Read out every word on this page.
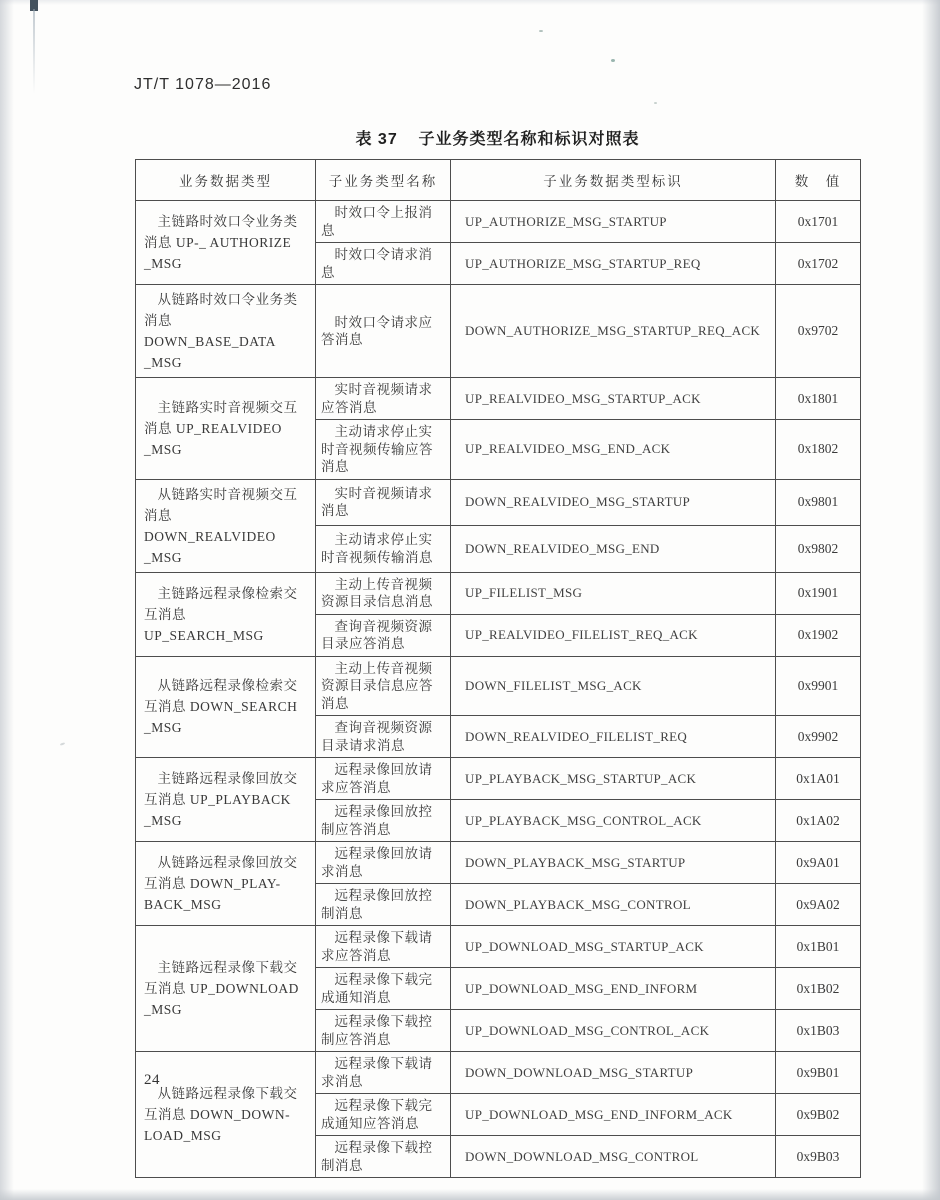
JT/T 1078—2016
表 37 子业务类型名称和标识对照表
业务数据类型	子业务类型名称	子业务数据类型标识	数　值
主链路时效口令业务类消息 UP-_ AUTHORIZE _MSG	时效口令上报消息	UP_AUTHORIZE_MSG_STARTUP	0x1701
	时效口令请求消息	UP_AUTHORIZE_MSG_STARTUP_REQ	0x1702
从链路时效口令业务类消息 DOWN_BASE_DATA _MSG	时效口令请求应答消息	DOWN_AUTHORIZE_MSG_STARTUP_REQ_ACK	0x9702
主链路实时音视频交互消息 UP_REALVIDEO _MSG	实时音视频请求应答消息	UP_REALVIDEO_MSG_STARTUP_ACK	0x1801
	主动请求停止实时音视频传输应答消息	UP_REALVIDEO_MSG_END_ACK	0x1802
从链路实时音视频交互消息 DOWN_REALVIDEO _MSG	实时音视频请求消息	DOWN_REALVIDEO_MSG_STARTUP	0x9801
	主动请求停止实时音视频传输消息	DOWN_REALVIDEO_MSG_END	0x9802
主链路远程录像检索交互消息 UP_SEARCH_MSG	主动上传音视频资源目录信息消息	UP_FILELIST_MSG	0x1901
	查询音视频资源目录应答消息	UP_REALVIDEO_FILELIST_REQ_ACK	0x1902
从链路远程录像检索交互消息 DOWN_SEARCH _MSG	主动上传音视频资源目录信息应答消息	DOWN_FILELIST_MSG_ACK	0x9901
	查询音视频资源目录请求消息	DOWN_REALVIDEO_FILELIST_REQ	0x9902
主链路远程录像回放交互消息 UP_PLAYBACK _MSG	远程录像回放请求应答消息	UP_PLAYBACK_MSG_STARTUP_ACK	0x1A01
	远程录像回放控制应答消息	UP_PLAYBACK_MSG_CONTROL_ACK	0x1A02
从链路远程录像回放交互消息 DOWN_PLAY- BACK_MSG	远程录像回放请求消息	DOWN_PLAYBACK_MSG_STARTUP	0x9A01
	远程录像回放控制消息	DOWN_PLAYBACK_MSG_CONTROL	0x9A02
主链路远程录像下载交互消息 UP_DOWNLOAD _MSG	远程录像下载请求应答消息	UP_DOWNLOAD_MSG_STARTUP_ACK	0x1B01
	远程录像下载完成通知消息	UP_DOWNLOAD_MSG_END_INFORM	0x1B02
	远程录像下载控制应答消息	UP_DOWNLOAD_MSG_CONTROL_ACK	0x1B03
从链路远程录像下载交互消息 DOWN_DOWN- LOAD_MSG	远程录像下载请求消息	DOWN_DOWNLOAD_MSG_STARTUP	0x9B01
	远程录像下载完成通知应答消息	UP_DOWNLOAD_MSG_END_INFORM_ACK	0x9B02
	远程录像下载控制消息	DOWN_DOWNLOAD_MSG_CONTROL	0x9B03
24
